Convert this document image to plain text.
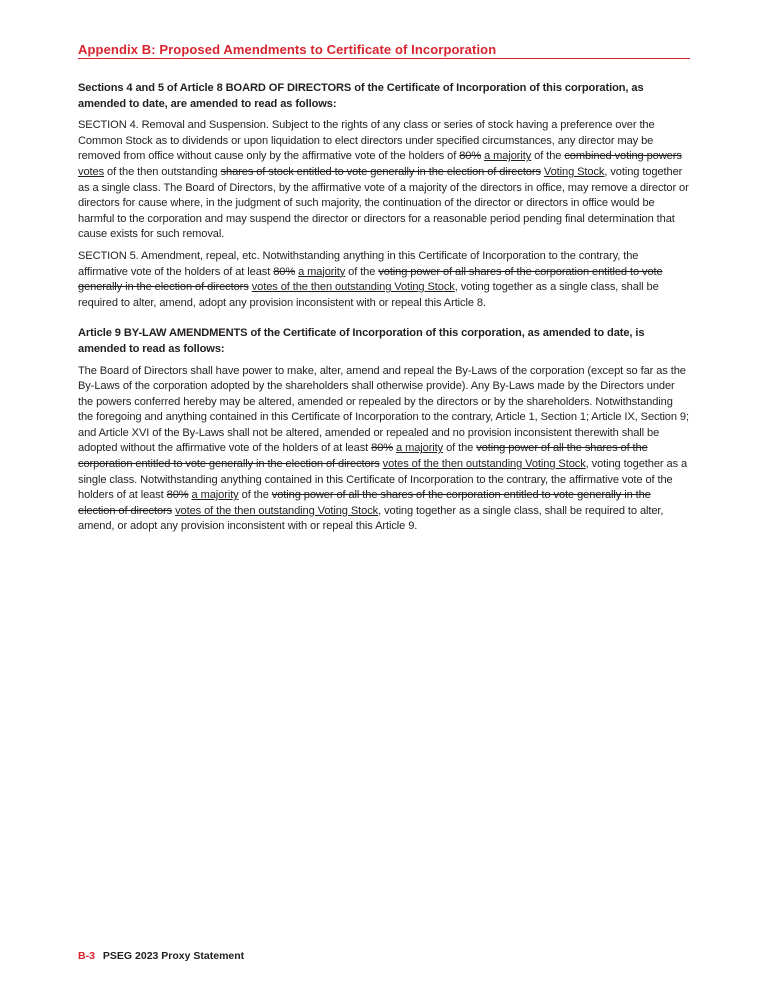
Appendix B: Proposed Amendments to Certificate of Incorporation

Sections 4 and 5 of Article 8 BOARD OF DIRECTORS of the Certificate of Incorporation of this corporation, as amended to date, are amended to read as follows:

SECTION 4. Removal and Suspension. Subject to the rights of any class or series of stock having a preference over the Common Stock as to dividends or upon liquidation to elect directors under specified circumstances, any director may be removed from office without cause only by the affirmative vote of the holders of 80% a majority of the combined voting powers votes of the then outstanding shares of stock entitled to vote generally in the election of directors Voting Stock, voting together as a single class. The Board of Directors, by the affirmative vote of a majority of the directors in office, may remove a director or directors for cause where, in the judgment of such majority, the continuation of the director or directors in office would be harmful to the corporation and may suspend the director or directors for a reasonable period pending final determination that cause exists for such removal.

SECTION 5. Amendment, repeal, etc. Notwithstanding anything in this Certificate of Incorporation to the contrary, the affirmative vote of the holders of at least 80% a majority of the voting power of all shares of the corporation entitled to vote generally in the election of directors votes of the then outstanding Voting Stock, voting together as a single class, shall be required to alter, amend, adopt any provision inconsistent with or repeal this Article 8.

Article 9 BY-LAW AMENDMENTS of the Certificate of Incorporation of this corporation, as amended to date, is amended to read as follows:

The Board of Directors shall have power to make, alter, amend and repeal the By-Laws of the corporation (except so far as the By-Laws of the corporation adopted by the shareholders shall otherwise provide). Any By-Laws made by the Directors under the powers conferred hereby may be altered, amended or repealed by the directors or by the shareholders. Notwithstanding the foregoing and anything contained in this Certificate of Incorporation to the contrary, Article 1, Section 1; Article IX, Section 9; and Article XVI of the By-Laws shall not be altered, amended or repealed and no provision inconsistent therewith shall be adopted without the affirmative vote of the holders of at least 80% a majority of the voting power of all the shares of the corporation entitled to vote generally in the election of directors votes of the then outstanding Voting Stock, voting together as a single class. Notwithstanding anything contained in this Certificate of Incorporation to the contrary, the affirmative vote of the holders of at least 80% a majority of the voting power of all the shares of the corporation entitled to vote generally in the election of directors votes of the then outstanding Voting Stock, voting together as a single class, shall be required to alter, amend, or adopt any provision inconsistent with or repeal this Article 9.

B-3 PSEG 2023 Proxy Statement
